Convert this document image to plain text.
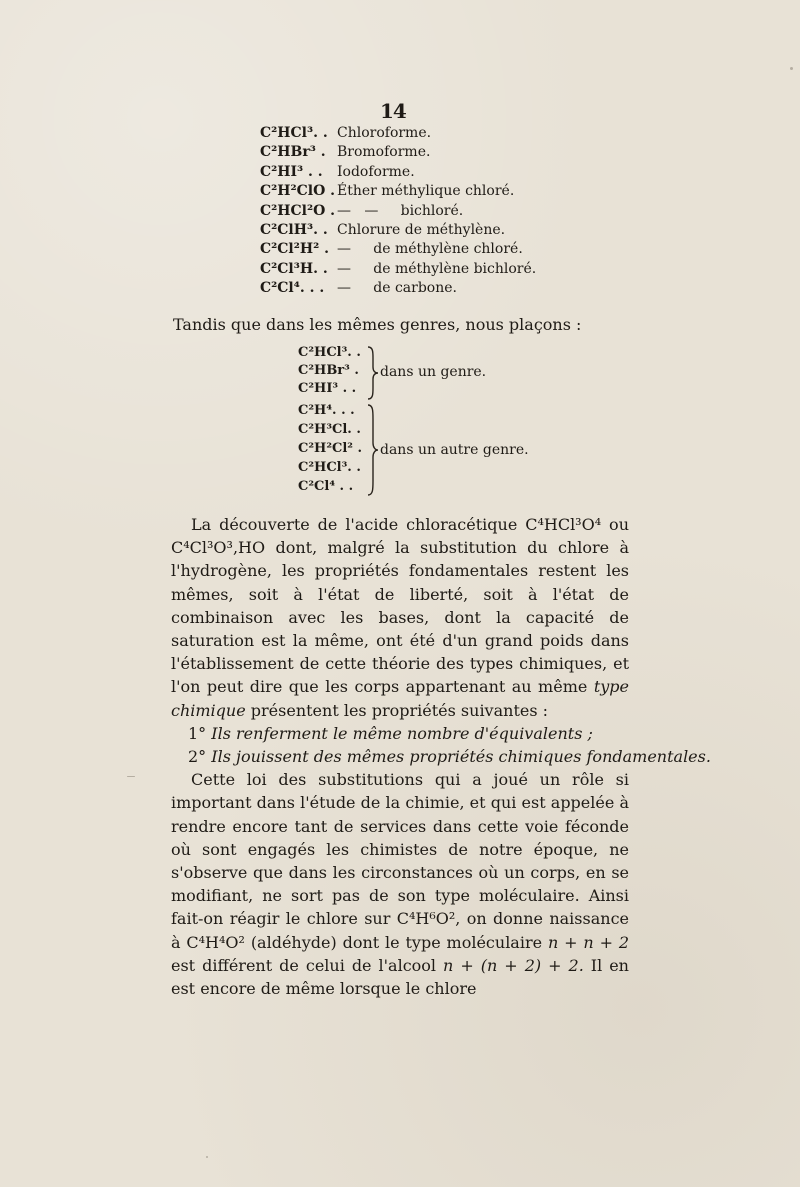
14
C²HCl³. . Chloroforme.
C²HBr³ . Bromoforme.
C²HI³ . .	Iodoforme.
C²H²ClO . Éther méthylique chloré.
C²HCl²O . —   —     bichloré.
C²ClH³. . Chlorure de méthylène.
C²Cl²H² . —     de méthylène chloré.
C²Cl³H. . —     de méthylène bichloré.
C²Cl⁴. . . —     de carbone.
Tandis que dans les mêmes genres, nous plaçons :
C²HCl³. .
C²HBr³ .
C²HI³ . .
C²H⁴. . .
C²H³Cl. .
C²H²Cl² .
C²HCl³. .
C²Cl⁴ . .
dans un genre.
dans un autre genre.

La découverte de l'acide chloracétique C⁴HCl³O⁴ ou C⁴Cl³O³,HO dont, malgré la substitution du chlore à l'hydrogène, les propriétés fondamentales restent les mêmes, soit à l'état de liberté, soit à l'état de combinaison avec les bases, dont la capacité de saturation est la même, ont été d'un grand poids dans l'établissement de cette théorie des types chimiques, et l'on peut dire que les corps appartenant au même type chimique présentent les propriétés suivantes :

1° Ils renferment le même nombre d'équivalents ;

2° Ils jouissent des mêmes propriétés chimiques fondamentales.

Cette loi des substitutions qui a joué un rôle si important dans l'étude de la chimie, et qui est appelée à rendre encore tant de services dans cette voie féconde où sont engagés les chimistes de notre époque, ne s'observe que dans les circonstances où un corps, en se modifiant, ne sort pas de son type moléculaire. Ainsi fait-on réagir le chlore sur C⁴H⁶O², on donne naissance à C⁴H⁴O² (aldéhyde) dont le type moléculaire n + n + 2 est différent de celui de l'alcool n + (n + 2) + 2. Il en est encore de même lorsque le chlore
